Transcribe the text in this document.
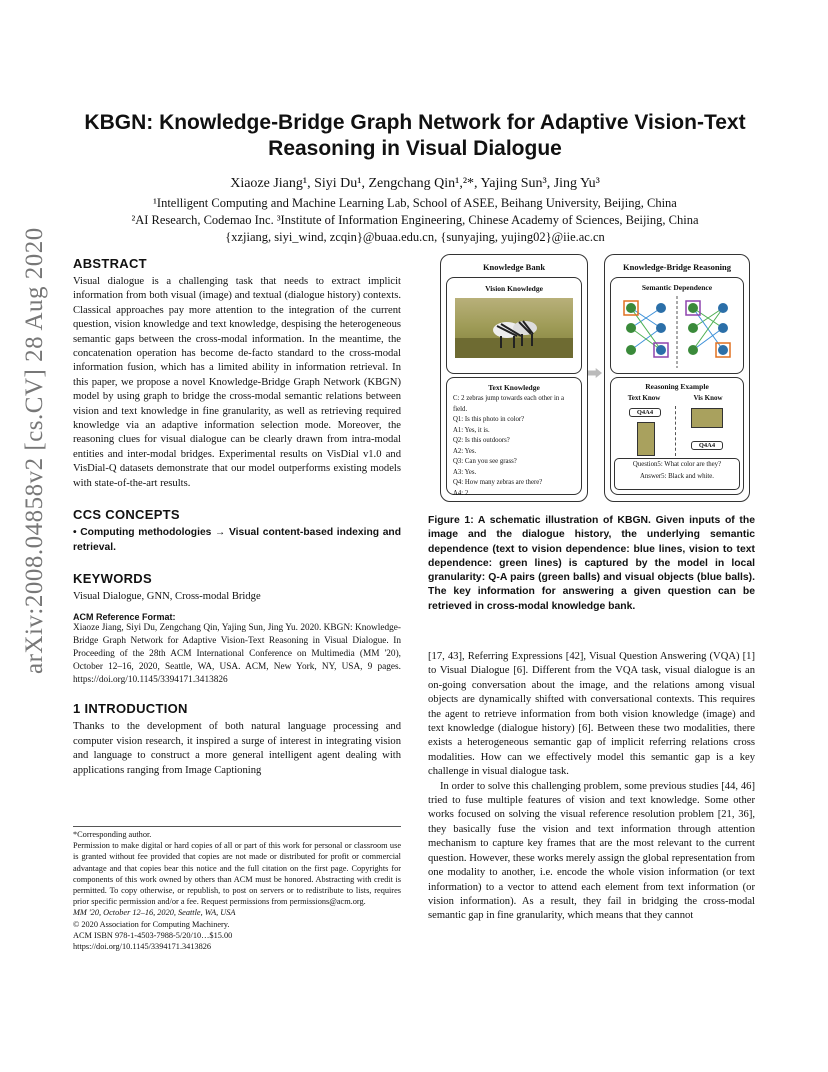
arXiv:2008.04858v2 [cs.CV] 28 Aug 2020
KBGN: Knowledge-Bridge Graph Network for Adaptive Vision-Text Reasoning in Visual Dialogue
Xiaoze Jiang¹, Siyi Du¹, Zengchang Qin¹,²*, Yajing Sun³, Jing Yu³
¹Intelligent Computing and Machine Learning Lab, School of ASEE, Beihang University, Beijing, China
²AI Research, Codemao Inc. ³Institute of Information Engineering, Chinese Academy of Sciences, Beijing, China
{xzjiang, siyi_wind, zcqin}@buaa.edu.cn, {sunyajing, yujing02}@iie.ac.cn
ABSTRACT
Visual dialogue is a challenging task that needs to extract implicit information from both visual (image) and textual (dialogue history) contexts. Classical approaches pay more attention to the integration of the current question, vision knowledge and text knowledge, despising the heterogeneous semantic gaps between the cross-modal information. In the meantime, the concatenation operation has become de-facto standard to the cross-modal information fusion, which has a limited ability in information retrieval. In this paper, we propose a novel Knowledge-Bridge Graph Network (KBGN) model by using graph to bridge the cross-modal semantic relations between vision and text knowledge in fine granularity, as well as retrieving required knowledge via an adaptive information selection mode. Moreover, the reasoning clues for visual dialogue can be clearly drawn from intra-modal entities and inter-modal bridges. Experimental results on VisDial v1.0 and VisDial-Q datasets demonstrate that our model outperforms existing models with state-of-the-art results.
CCS CONCEPTS
• Computing methodologies → Visual content-based indexing and retrieval.
KEYWORDS
Visual Dialogue, GNN, Cross-modal Bridge
ACM Reference Format:
Xiaoze Jiang, Siyi Du, Zengchang Qin, Yajing Sun, Jing Yu. 2020. KBGN: Knowledge-Bridge Graph Network for Adaptive Vision-Text Reasoning in Visual Dialogue. In Proceeding of the 28th ACM International Conference on Multimedia (MM '20), October 12–16, 2020, Seattle, WA, USA. ACM, New York, NY, USA, 9 pages. https://doi.org/10.1145/3394171.3413826
1 INTRODUCTION
Thanks to the development of both natural language processing and computer vision research, it inspired a surge of interest in integrating vision and language to construct a more general intelligent agent dealing with applications ranging from Image Captioning
*Corresponding author.
Permission to make digital or hard copies of all or part of this work for personal or classroom use is granted without fee provided that copies are not made or distributed for profit or commercial advantage and that copies bear this notice and the full citation on the first page. Copyrights for components of this work owned by others than ACM must be honored. Abstracting with credit is permitted. To copy otherwise, or republish, to post on servers or to redistribute to lists, requires prior specific permission and/or a fee. Request permissions from permissions@acm.org.
MM '20, October 12–16, 2020, Seattle, WA, USA
© 2020 Association for Computing Machinery.
ACM ISBN 978-1-4503-7988-5/20/10…$15.00
https://doi.org/10.1145/3394171.3413826
Knowledge Bank
Vision Knowledge
Text Knowledge
C: 2 zebras jump towards each other in a field.
Q1: Is this photo in color?
A1: Yes, it is.
Q2: Is this outdoors?
A2: Yes.
Q3: Can you see grass?
A3: Yes.
Q4: How many zebras are there?
A4: 2.
Knowledge-Bridge Reasoning
Semantic Dependence
Reasoning Example
Text Know	Vis Know
Q4A4
Q4A4
Question5: What color are they?
Answer5: Black and white.
Figure 1: A schematic illustration of KBGN. Given inputs of the image and the dialogue history, the underlying semantic dependence (text to vision dependence: blue lines, vision to text dependence: green lines) is captured by the model in local granularity: Q-A pairs (green balls) and visual objects (blue balls). The key information for answering a given question can be retrieved in cross-modal knowledge bank.
[17, 43], Referring Expressions [42], Visual Question Answering (VQA) [1] to Visual Dialogue [6]. Different from the VQA task, visual dialogue is an on-going conversation about the image, and the relations among visual objects are dynamically shifted with conversational contexts. This requires the agent to retrieve information from both vision knowledge (image) and text knowledge (dialogue history) [6]. Between these two modalities, there exists a heterogeneous semantic gap of implicit referring relations cross modalities. How can we effectively model this semantic gap is a key challenge in visual dialogue task.
In order to solve this challenging problem, some previous studies [44, 46] tried to fuse multiple features of vision and text knowledge. Some other works focused on solving the visual reference resolution problem [21, 36], they basically fuse the vision and text information through attention mechanism to capture key frames that are the most relevant to the current question. However, these works merely assign the global representation from one modality to another, i.e. encode the whole vision information (or text information) to a vector to attend each element from text information (or vision information). As a result, they fail in bridging the cross-modal semantic gap in fine granularity, which means that they cannot
